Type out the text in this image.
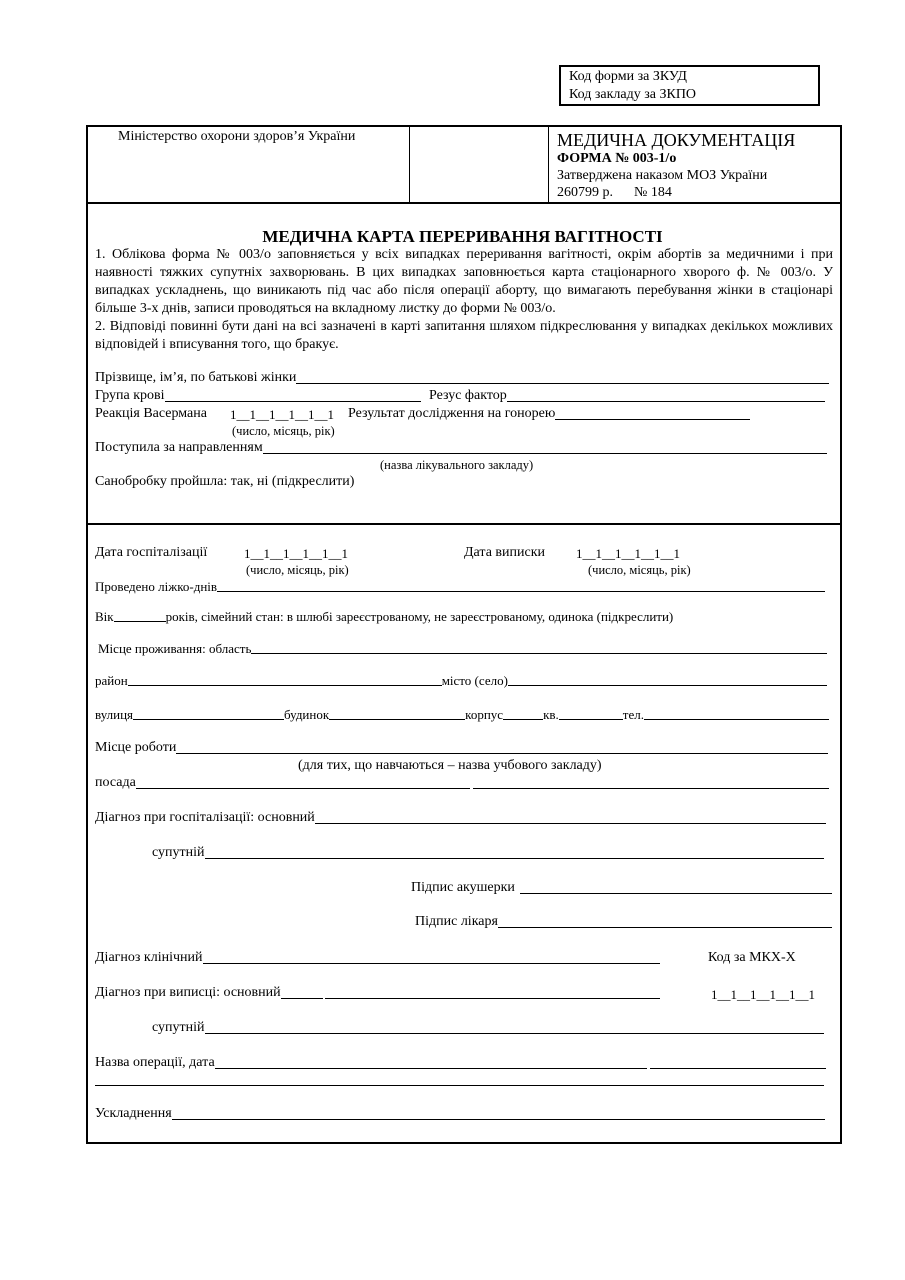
Код форми за ЗКУД
Код закладу за ЗКПО
Міністерство охорони здоров’я України	МЕДИЧНА ДОКУМЕНТАЦІЯ
ФОРМА № 003-1/о
Затверджена наказом МОЗ України
260799 р. № 184
МЕДИЧНА КАРТА ПЕРЕРИВАННЯ ВАГІТНОСТІ
1. Облікова форма № 003/о заповняється у всіх випадках переривання вагітності, окрім абортів за медичними і при наявності тяжких супутніх захворювань. В цих випадках заповнюється карта стаціонарного хворого ф. № 003/о. У випадках ускладнень, що виникають під час або після операції аборту, що вимагають перебування жінки в стаціонарі більше 3-х днів, записи проводяться на вкладному листку до форми № 003/о.
2. Відповіді повинні бути дані на всі зазначені в карті запитання шляхом підкреслювання у випадках декількох можливих відповідей і вписування того, що бракує.
Прізвище, ім’я, по батькові жінки
Група крові	Резус фактор
Реакція Васермана 1__1__1__1__1__1 Результат дослідження на гонорею
(число, місяць, рік)
Поступила за направленням
(назва лікувального закладу)
Санобробку пройшла: так, ні (підкреслити)
Дата госпіталізації	1__1__1__1__1__1	Дата виписки 1__1__1__1__1__1
(число, місяць, рік)	(число, місяць, рік)
Проведено ліжко-днів
Вік	років, сімейний стан: в шлюбі зареєстрованому, не зареєстрованому, одинока (підкреслити)
Місце проживання: область
район	місто (село)
вулиця	будинок	корпус	кв.	тел.
Місце роботи
(для тих, що навчаються – назва учбового закладу)
посада
Діагноз при госпіталізації: основний
супутній
Підпис акушерки
Підпис лікаря
Діагноз клінічний	Код за МКХ-Х
Діагноз при виписці: основний	1__1__1__1__1__1
супутній
Назва операції, дата
Ускладнення
